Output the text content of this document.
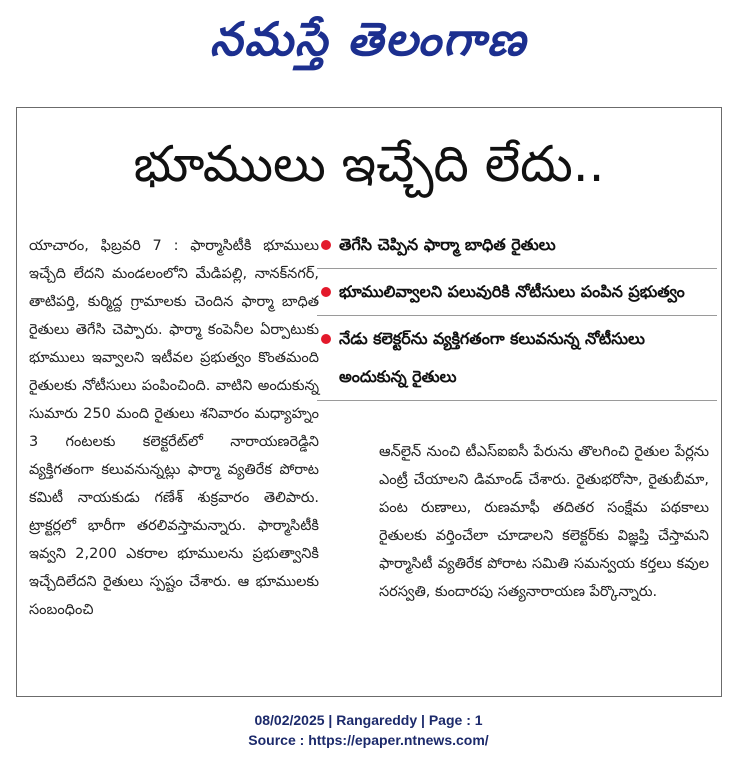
నమస్తే తెలంగాణ
భూములు ఇచ్చేది లేదు..
యాచారం, ఫిబ్రవరి 7 : ఫార్మాసిటీకి భూములు ఇచ్చేది లేదని మండలంలోని మేడిపల్లి, నానక్‌నగర్, తాటిపర్తి, కుర్మిద్ద గ్రామాలకు చెందిన ఫార్మా బాధిత రైతులు తెగేసి చెప్పారు. ఫార్మా కంపెనీల ఏర్పాటుకు భూములు ఇవ్వాలని ఇటీవల ప్రభుత్వం కొంతమంది రైతులకు నోటీసులు పంపించింది. వాటిని అందుకున్న సుమారు 250 మంది రైతులు శనివారం మధ్యాహ్నం 3 గంటలకు కలెక్టరేట్‌లో నారాయణరెడ్డిని వ్యక్తిగతంగా కలువనున్నట్లు ఫార్మా వ్యతిరేక పోరాట కమిటీ నాయకుడు గణేశ్ శుక్రవారం తెలిపారు. ట్రాక్టర్లలో భారీగా తరలివస్తామన్నారు. ఫార్మాసిటీకి ఇవ్వని 2,200 ఎకరాల భూములను ప్రభుత్వానికి ఇచ్చేదిలేదని రైతులు స్పష్టం చేశారు. ఆ భూములకు సంబంధించి
తెగేసి చెప్పిన ఫార్మా బాధిత రైతులు
భూములివ్వాలని పలువురికి నోటీసులు పంపిన ప్రభుత్వం
నేడు కలెక్టర్‌ను వ్యక్తిగతంగా కలువనున్న నోటీసులు అందుకున్న రైతులు
ఆన్‌లైన్ నుంచి టీఎస్‌ఐఐసీ పేరును తొలగించి రైతుల పేర్లను ఎంట్రీ చేయాలని డిమాండ్ చేశారు. రైతుభరోసా, రైతుబీమా, పంట రుణాలు, రుణమాఫీ తదితర సంక్షేమ పథకాలు రైతులకు వర్తించేలా చూడాలని కలెక్టర్‌కు విజ్ఞప్తి చేస్తామని ఫార్మాసిటీ వ్యతిరేక పోరాట సమితి సమన్వయ కర్తలు కవుల సరస్వతి, కుందారపు సత్యనారాయణ పేర్కొన్నారు.
08/02/2025 | Rangareddy | Page : 1
Source : https://epaper.ntnews.com/
